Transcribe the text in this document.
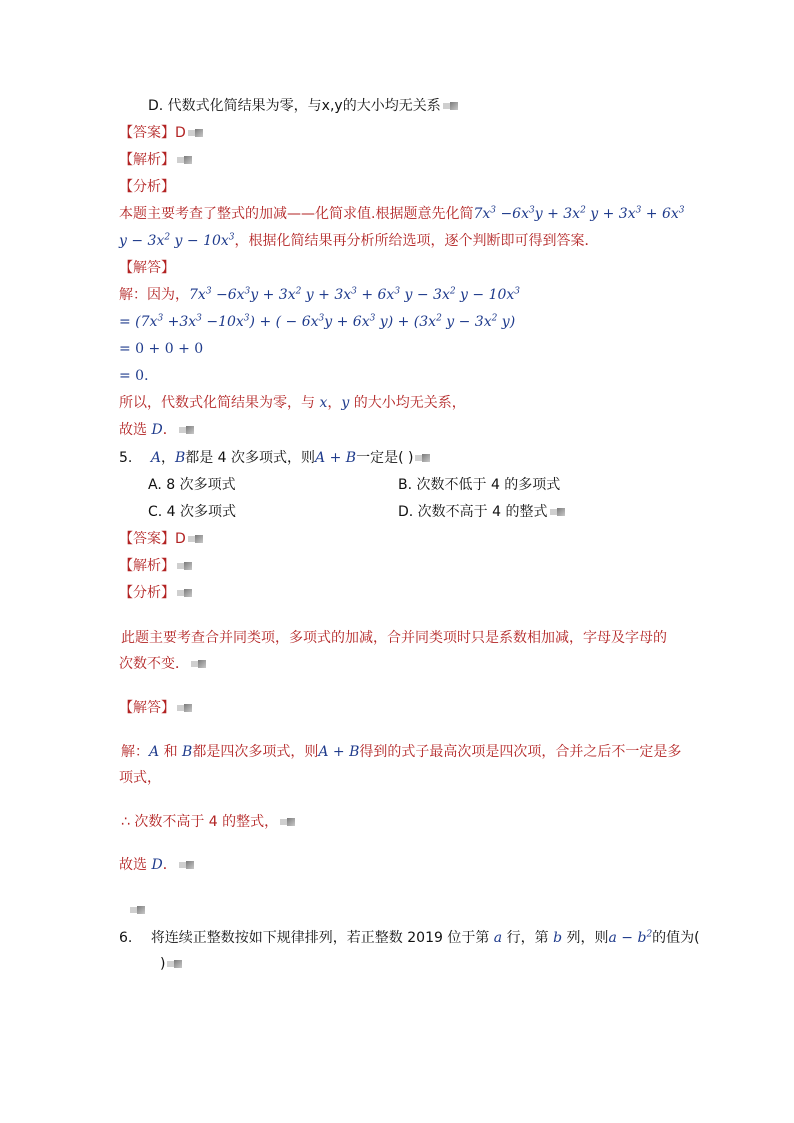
D. 代数式化简结果为零，与x,y的大小均无关系
【答案】D
【解析】
【分析】
本题主要考查了整式的加减——化简求值.根据题意先化简$7x^3 -6x^3y + 3x^2$ $y + 3x^3 + 6x^3$
$y - 3x^2$ $y - 10x^3$，根据化简结果再分析所给选项，逐个判断即可得到答案．
【解答】
解：因为，$7x^3 -6x^3y + 3x^2$ $y + 3x^3 + 6x^3$ $y - 3x^2$ $y - 10x^3$
= $(7x^3 +3x^3 -10x^3)$ + ( − $6x^3y + 6x^3$ $y) + (3x^2$ $y - 3x^2$ y)
= 0 + 0 + 0
= 0．
所以，代数式化简结果为零，与 x，y 的大小均无关系，
故选 D．
5. A，B都是 4 次多项式，则A + B一定是( )
A. 8 次多项式	B. 次数不低于 4 的多项式
C. 4 次多项式	D. 次数不高于 4 的整式
【答案】D
【解析】
【分析】
此题主要考查合并同类项，多项式的加减，合并同类项时只是系数相加减，字母及字母的
次数不变．
【解答】
解：A 和 B都是四次多项式，则A + B得到的式子最高次项是四次项，合并之后不一定是多
项式，
∴ 次数不高于 4 的整式，
故选 D．
6. 将连续正整数按如下规律排列，若正整数 2019 位于第 a 行，第 b 列，则$a - b^2$的值为(
)
